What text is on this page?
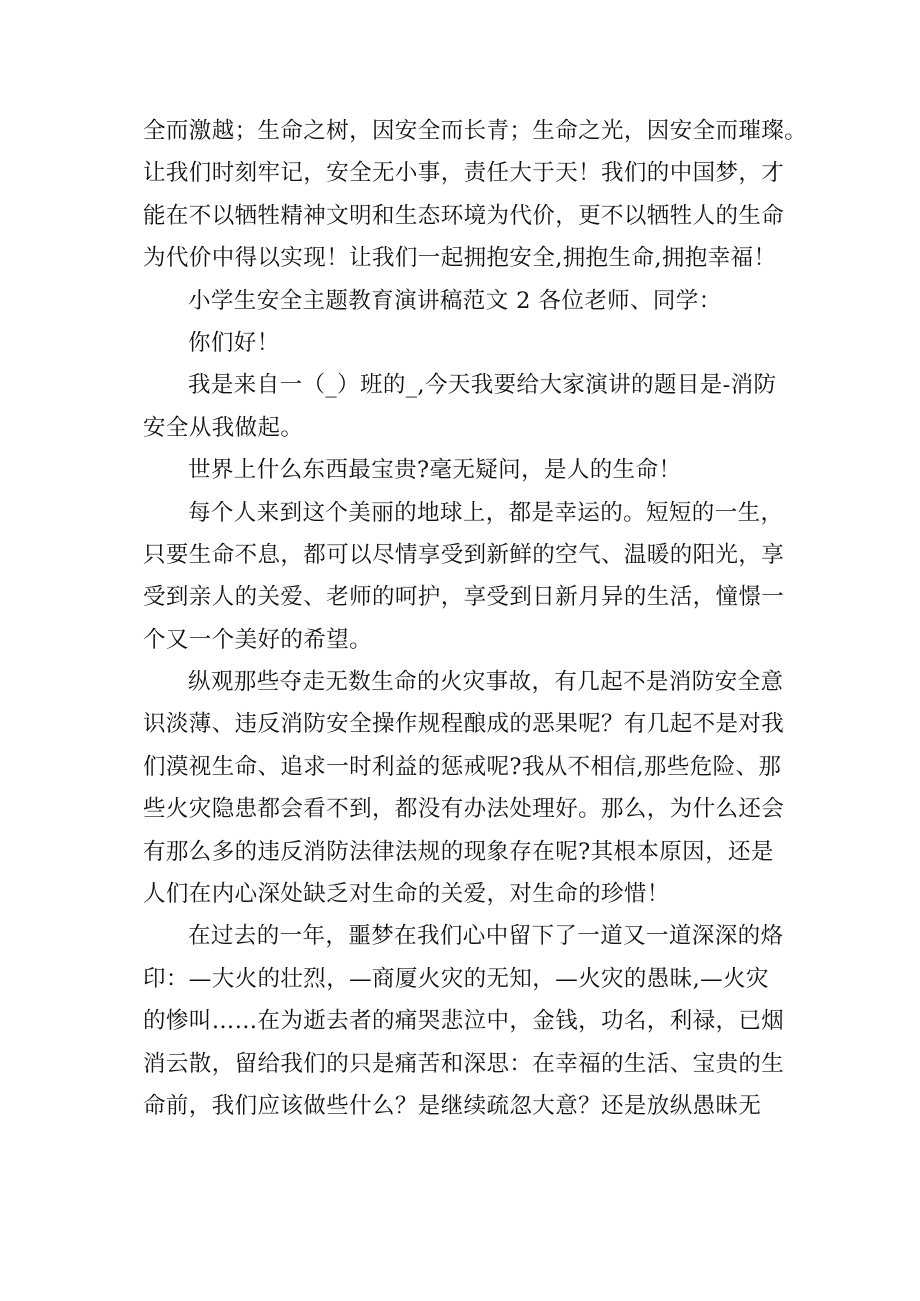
全而激越；生命之树，因安全而长青；生命之光，因安全而璀璨。
让我们时刻牢记，安全无小事，责任大于天！我们的中国梦，才
能在不以牺牲精神文明和生态环境为代价，更不以牺牲人的生命
为代价中得以实现！让我们一起拥抱安全,拥抱生命,拥抱幸福！
小学生安全主题教育演讲稿范文 2 各位老师、同学：
你们好！
我是来自一（_）班的_,今天我要给大家演讲的题目是-消防
安全从我做起。
世界上什么东西最宝贵?毫无疑问，是人的生命！
每个人来到这个美丽的地球上，都是幸运的。短短的一生，
只要生命不息，都可以尽情享受到新鲜的空气、温暖的阳光，享
受到亲人的关爱、老师的呵护，享受到日新月异的生活，憧憬一
个又一个美好的希望。
纵观那些夺走无数生命的火灾事故，有几起不是消防安全意
识淡薄、违反消防安全操作规程酿成的恶果呢？有几起不是对我
们漠视生命、追求一时利益的惩戒呢?我从不相信,那些危险、那
些火灾隐患都会看不到，都没有办法处理好。那么，为什么还会
有那么多的违反消防法律法规的现象存在呢?其根本原因，还是
人们在内心深处缺乏对生命的关爱，对生命的珍惜！
在过去的一年，噩梦在我们心中留下了一道又一道深深的烙
印：—大火的壮烈，—商厦火灾的无知，—火灾的愚昧,—火灾
的惨叫……在为逝去者的痛哭悲泣中，金钱，功名，利禄，已烟
消云散，留给我们的只是痛苦和深思：在幸福的生活、宝贵的生
命前，我们应该做些什么？是继续疏忽大意？还是放纵愚昧无
